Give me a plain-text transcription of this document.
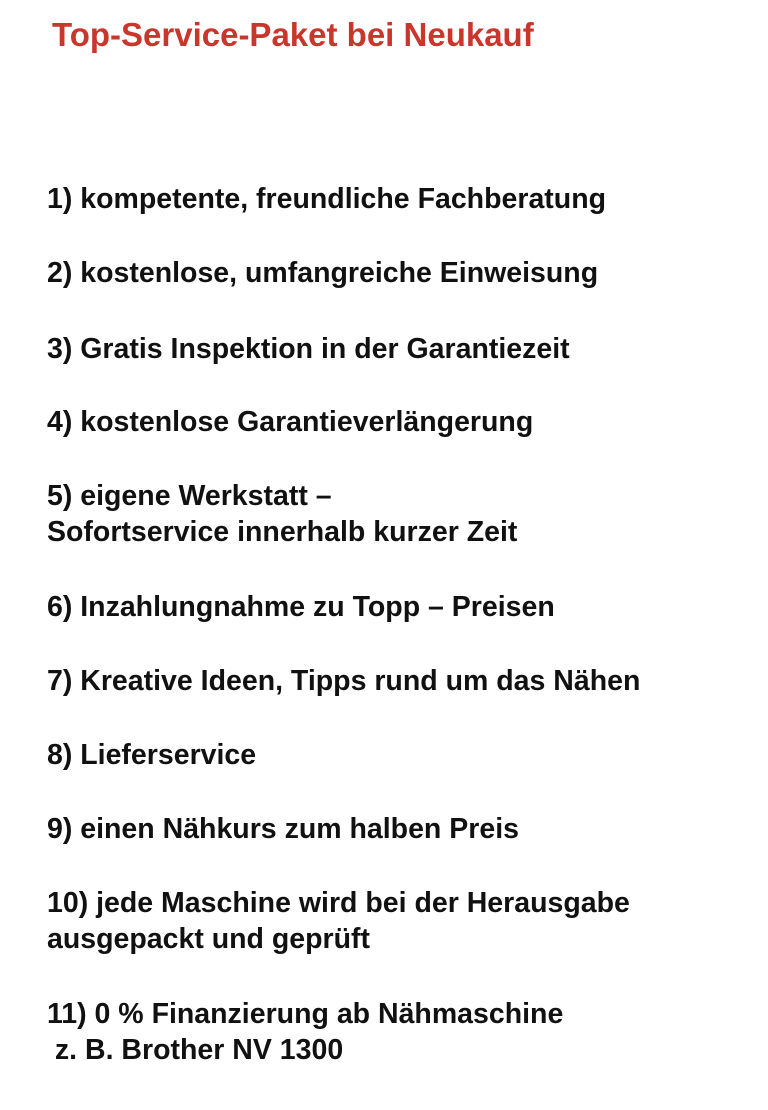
Top-Service-Paket bei Neukauf
1) kompetente, freundliche Fachberatung
2) kostenlose, umfangreiche Einweisung
3) Gratis Inspektion in der Garantiezeit
4) kostenlose Garantieverlängerung
5) eigene Werkstatt –
Sofortservice innerhalb kurzer Zeit
6) Inzahlungnahme zu Topp – Preisen
7) Kreative Ideen, Tipps rund um das Nähen
8) Lieferservice
9) einen Nähkurs zum halben Preis
10) jede Maschine wird bei der Herausgabe
ausgepackt und geprüft
11) 0 % Finanzierung ab Nähmaschine
z. B. Brother NV 1300
